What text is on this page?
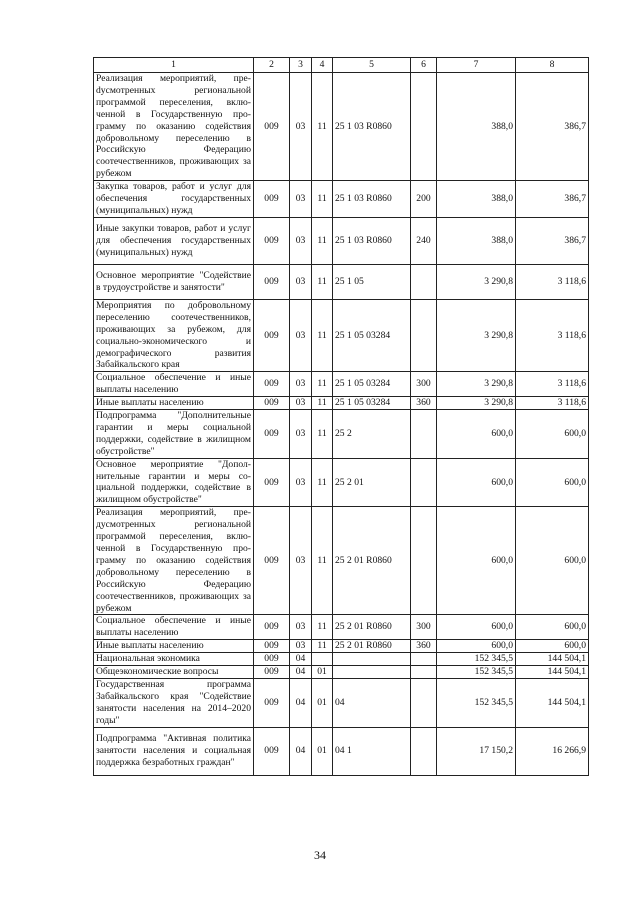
1	2	3	4	5	6	7	8
Реализация мероприятий, преdусмотренных региональной программой переселения, включенной в Государственную программу по оказанию содействия добровольному переселению в Российскую Федерацию соотечественников, проживающих за рубежом	009	03	11	25 1 03 R0860		388,0	386,7
Закупка товаров, работ и услуг для обеспечения государственных (муниципальных) нужд	009	03	11	25 1 03 R0860	200	388,0	386,7
Иные закупки товаров, работ и услуг для обеспечения государственных (муниципальных) нужд	009	03	11	25 1 03 R0860	240	388,0	386,7
Основное мероприятие "Содействие в трудоустройстве и занятости"	009	03	11	25 1 05		3 290,8	3 118,6
Мероприятия по добровольному переселению соотечественников, проживающих за рубежом, для социально-экономического и демографического развития Забайкальского края	009	03	11	25 1 05 03284		3 290,8	3 118,6
Социальное обеспечение и иные выплаты населению	009	03	11	25 1 05 03284	300	3 290,8	3 118,6
Иные выплаты населению	009	03	11	25 1 05 03284	360	3 290,8	3 118,6
Подпрограмма "Дополнительные гарантии и меры социальной поддержки, содействие в жилищном обустройстве"	009	03	11	25 2		600,0	600,0
Основное мероприятие "Дополнительные гарантии и меры социальной поддержки, содействие в жилищном обустройстве"	009	03	11	25 2 01		600,0	600,0
Реализация мероприятий, предусмотренных региональной программой переселения, включенной в Государственную программу по оказанию содействия добровольному переселению в Российскую Федерацию соотечественников, проживающих за рубежом	009	03	11	25 2 01 R0860		600,0	600,0
Социальное обеспечение и иные выплаты населению	009	03	11	25 2 01 R0860	300	600,0	600,0
Иные выплаты населению	009	03	11	25 2 01 R0860	360	600,0	600,0
Национальная экономика	009	04				152 345,5	144 504,1
Общеэкономические вопросы	009	04	01			152 345,5	144 504,1
Государственная программа Забайкальского края "Содействие занятости населения на 2014–2020 годы"	009	04	01	04		152 345,5	144 504,1
Подпрограмма "Активная политика занятости населения и социальная поддержка безработных граждан"	009	04	01	04 1		17 150,2	16 266,9
34
